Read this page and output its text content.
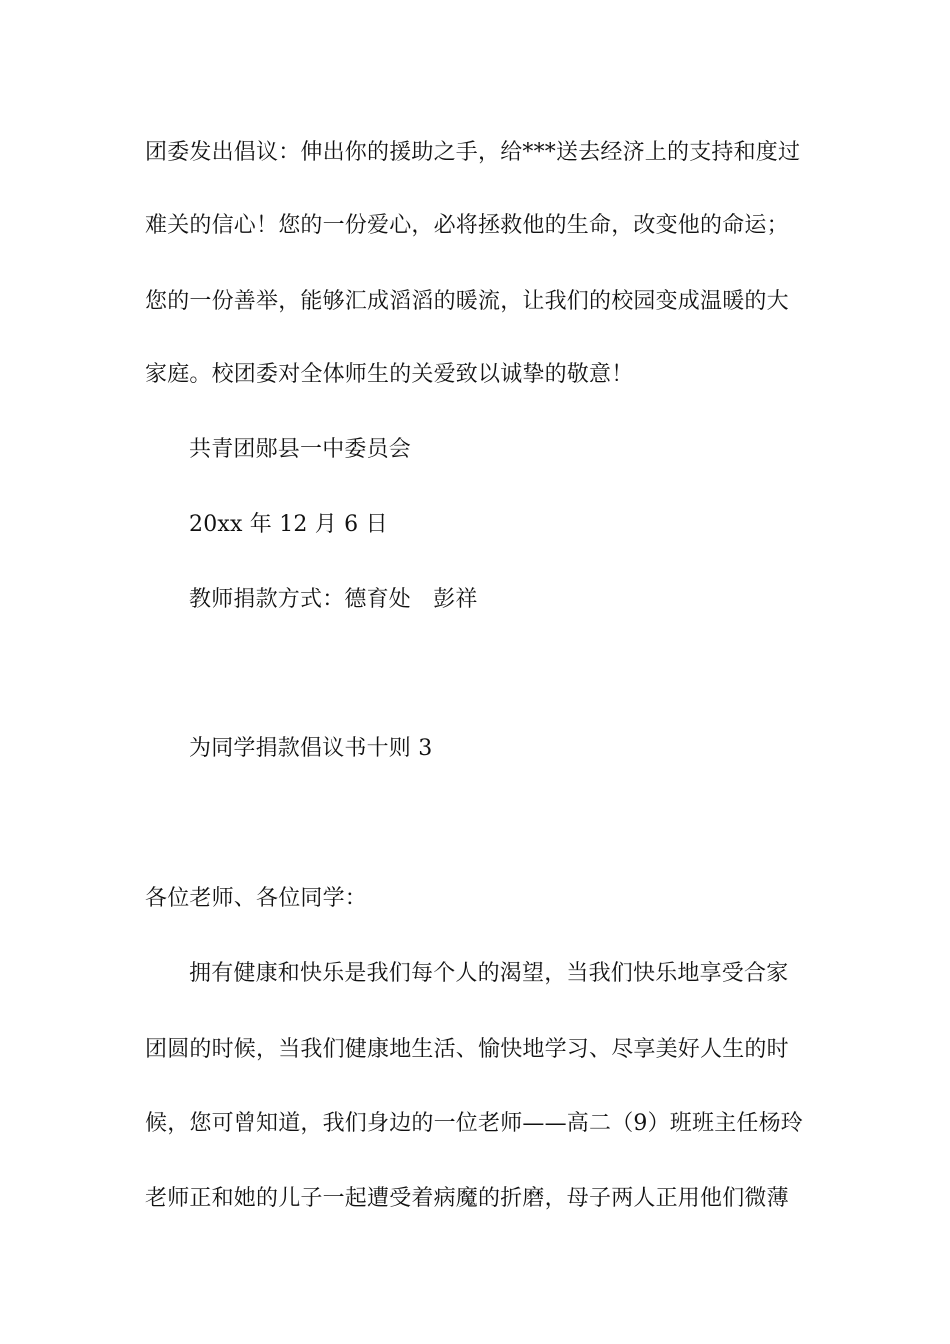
团委发出倡议：伸出你的援助之手，给***送去经济上的支持和度过
难关的信心！您的一份爱心，必将拯救他的生命，改变他的命运；
您的一份善举，能够汇成滔滔的暖流，让我们的校园变成温暖的大
家庭。校团委对全体师生的关爱致以诚挚的敬意！
共青团郧县一中委员会
20xx 年 12 月 6 日
教师捐款方式：德育处　彭祥
为同学捐款倡议书十则 3
各位老师、各位同学：
拥有健康和快乐是我们每个人的渴望，当我们快乐地享受合家
团圆的时候，当我们健康地生活、愉快地学习、尽享美好人生的时
候，您可曾知道，我们身边的一位老师——高二（9）班班主任杨玲
老师正和她的儿子一起遭受着病魔的折磨，母子两人正用他们微薄
